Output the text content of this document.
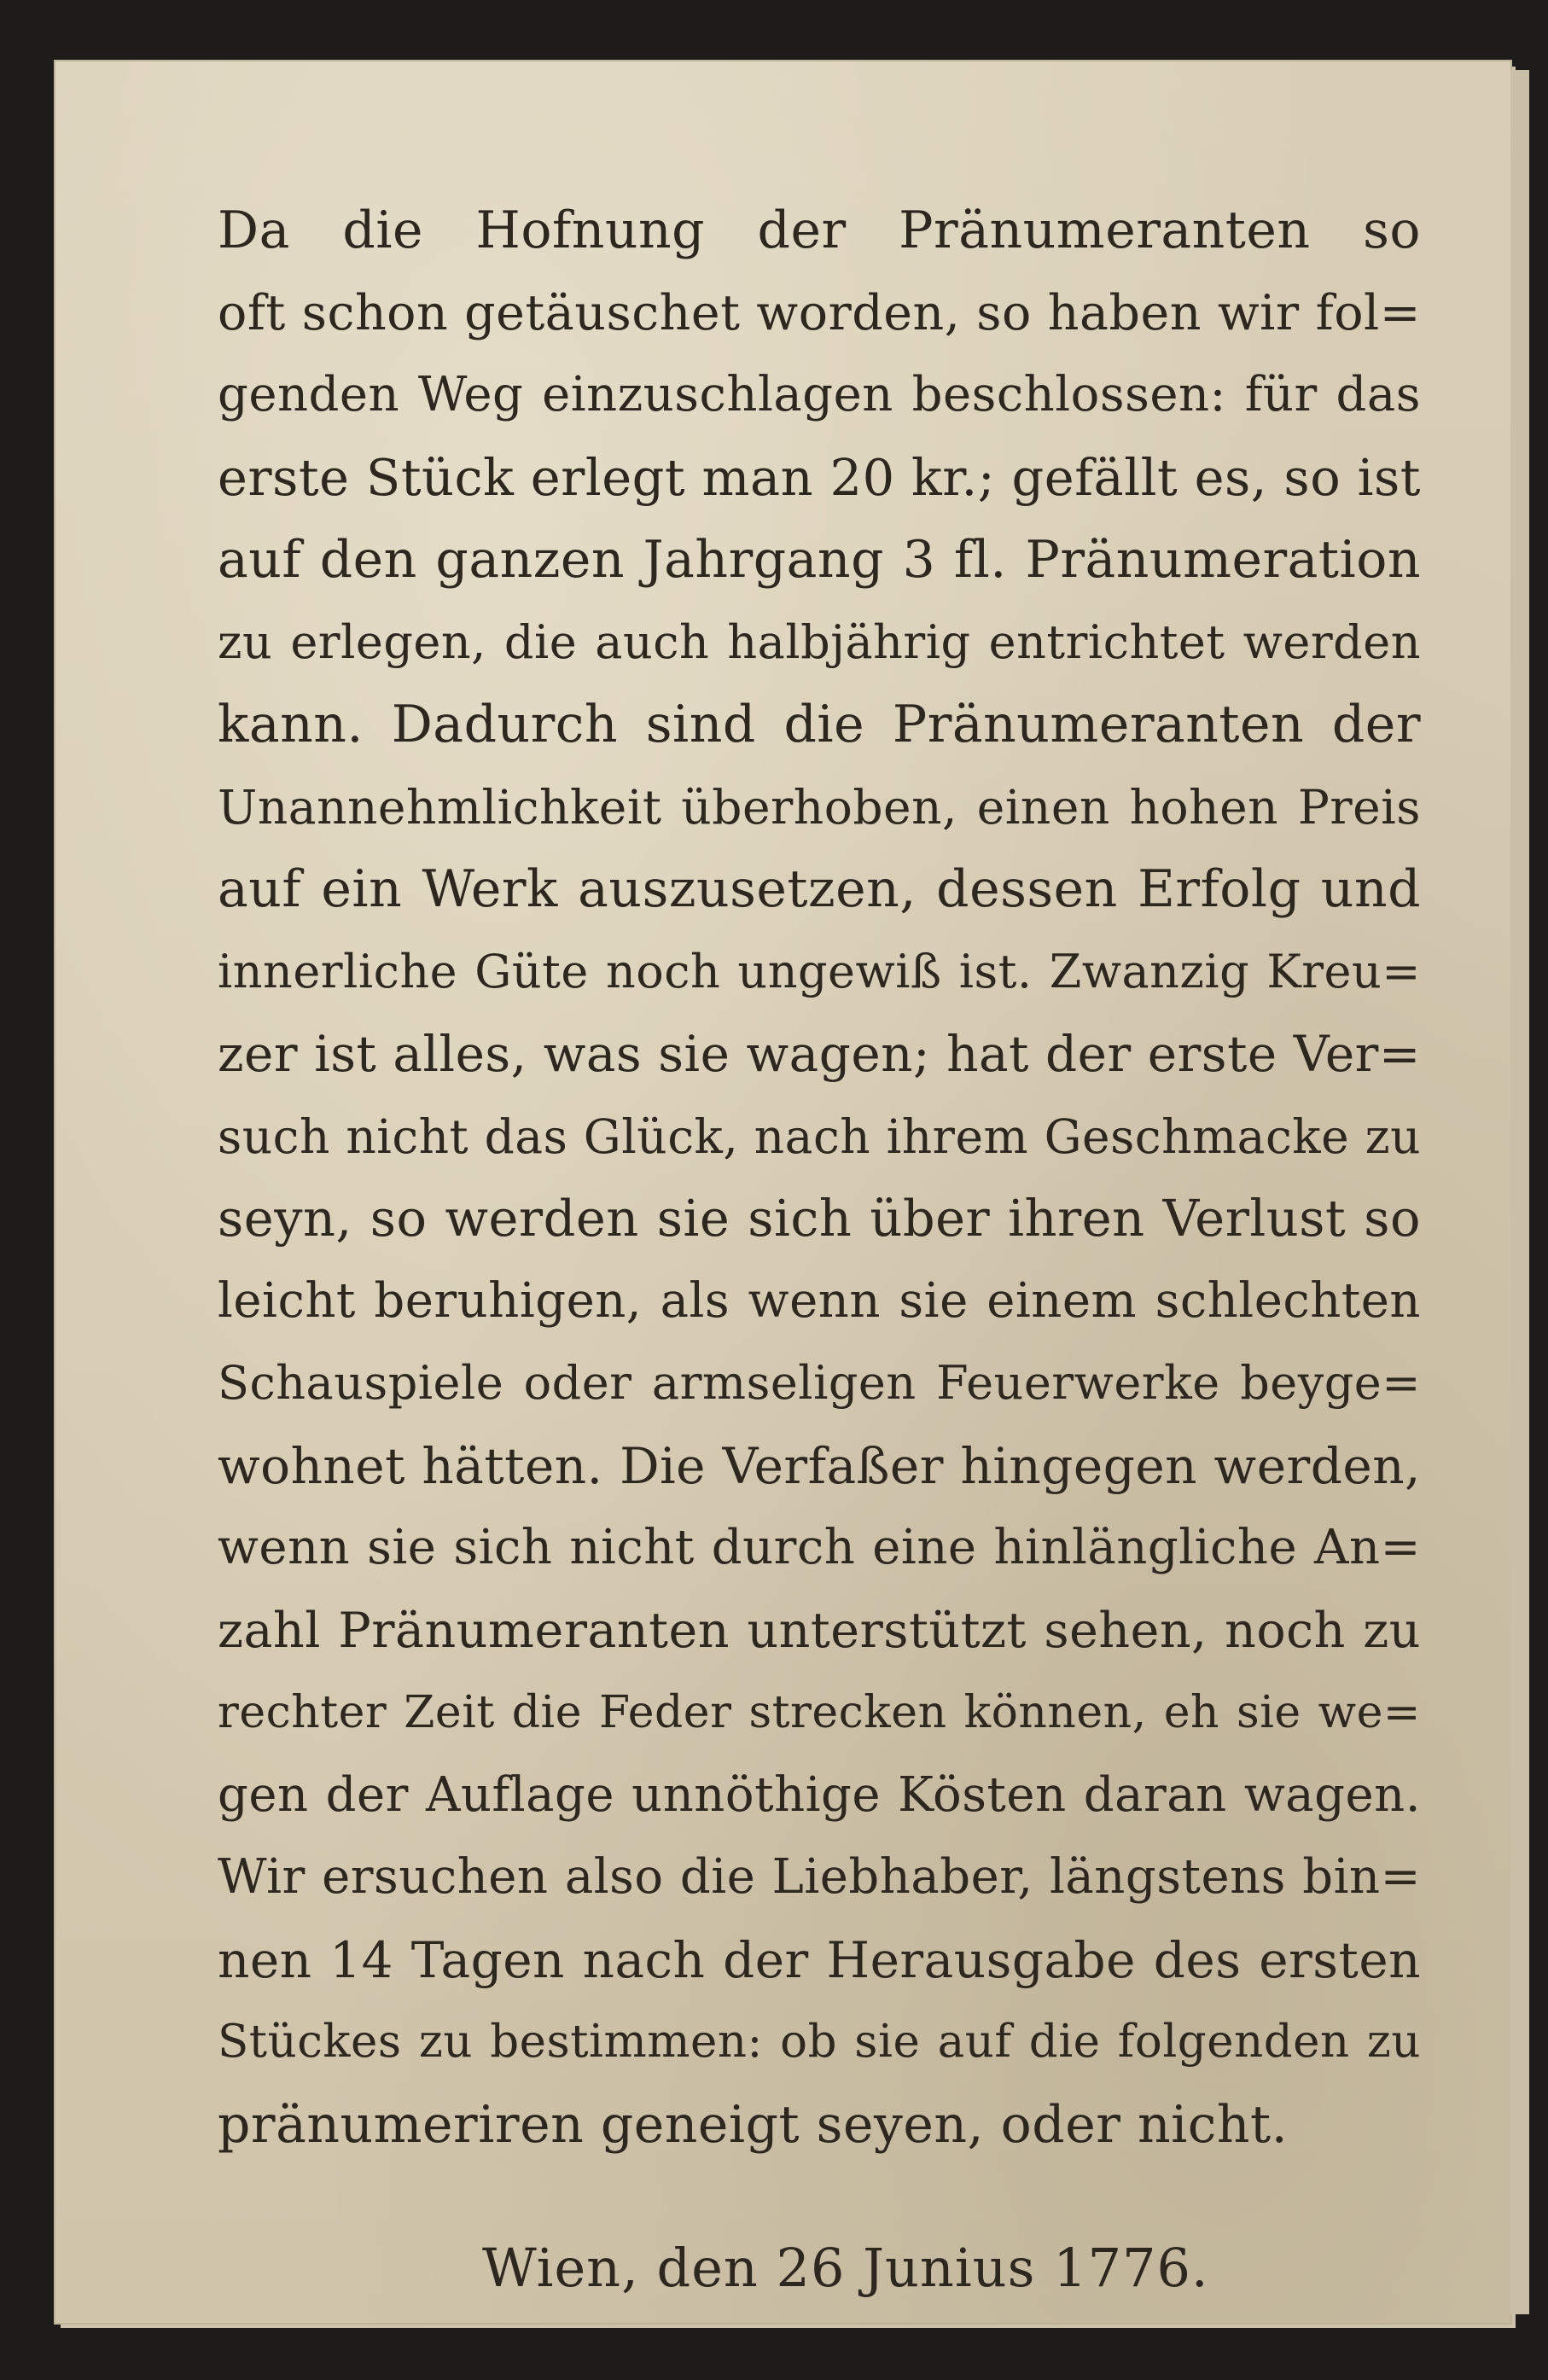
Da die Hofnung der Pränumeranten so
oft schon getäuschet worden, so haben wir fol=
genden Weg einzuschlagen beschlossen: für das
erste Stück erlegt man 20 kr.; gefällt es, so ist
auf den ganzen Jahrgang 3 fl. Pränumeration
zu erlegen, die auch halbjährig entrichtet werden
kann. Dadurch sind die Pränumeranten der
Unannehmlichkeit überhoben, einen hohen Preis
auf ein Werk auszusetzen, dessen Erfolg und
innerliche Güte noch ungewiß ist. Zwanzig Kreu=
zer ist alles, was sie wagen; hat der erste Ver=
such nicht das Glück, nach ihrem Geschmacke zu
seyn, so werden sie sich über ihren Verlust so
leicht beruhigen, als wenn sie einem schlechten
Schauspiele oder armseligen Feuerwerke beyge=
wohnet hätten. Die Verfaßer hingegen werden,
wenn sie sich nicht durch eine hinlängliche An=
zahl Pränumeranten unterstützt sehen, noch zu
rechter Zeit die Feder strecken können, eh sie we=
gen der Auflage unnöthige Kösten daran wagen.
Wir ersuchen also die Liebhaber, längstens bin=
nen 14 Tagen nach der Herausgabe des ersten
Stückes zu bestimmen: ob sie auf die folgenden zu
pränumeriren geneigt seyen, oder nicht.
Wien, den 26 Junius 1776.
